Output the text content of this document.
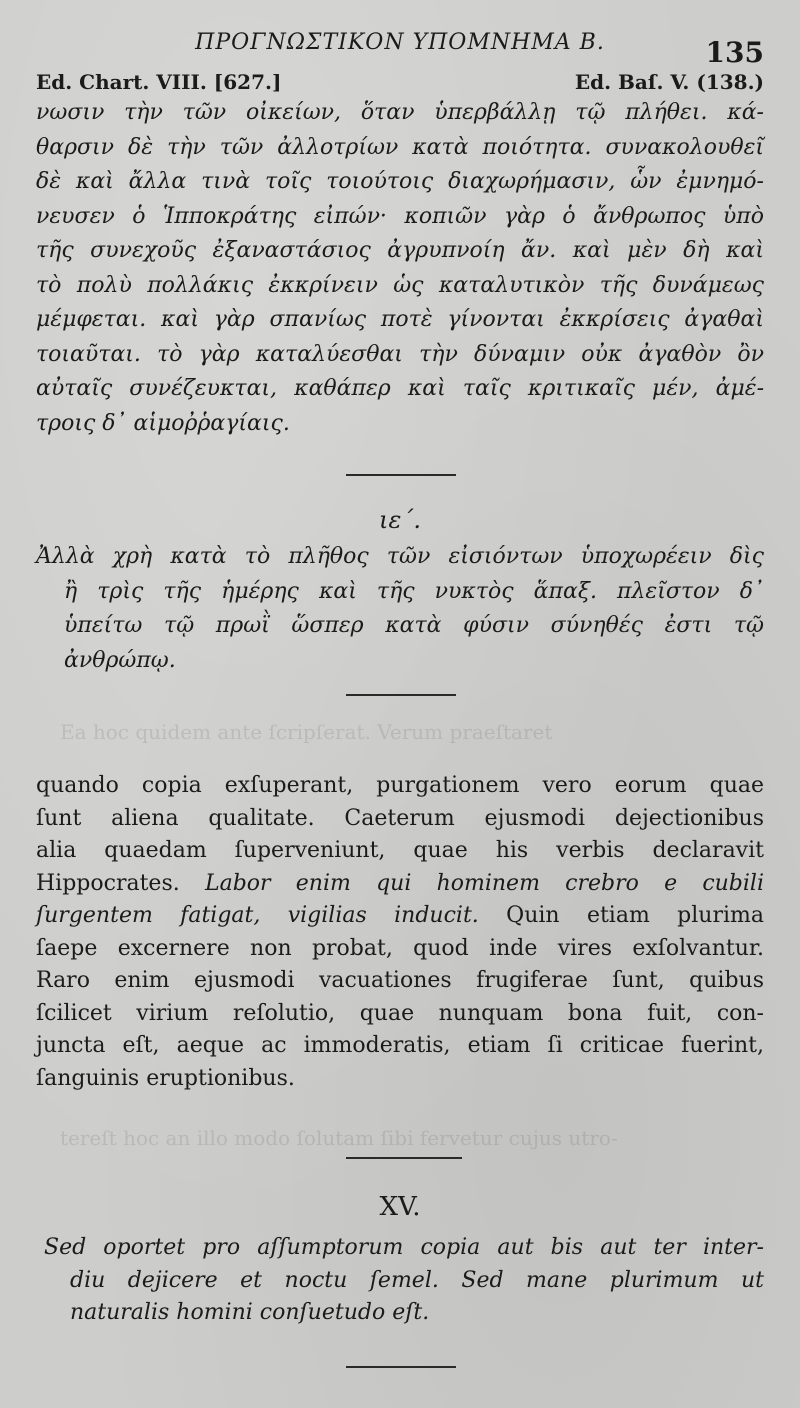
Ea hoc quidem ante ſcripſerat. Verum praeſtaret
tereſt hoc an illo modo ſolutam ſibi fervetur cujus utro-
ΠΡΟΓΝΩΣΤΙΚΟΝ ΥΠΟΜΝΗΜΑ Β.	135
Ed. Chart. VIII. [627.]	Ed. Baſ. V. (138.)
νωσιν τὴν τῶν οἰκείων, ὅταν ὑπερβάλλῃ τῷ πλήθει. κά-
θαρσιν δὲ τὴν τῶν ἀλλοτρίων κατὰ ποιότητα. συνακολουθεῖ
δὲ καὶ ἄλλα τινὰ τοῖς τοιούτοις διαχωρήμασιν, ὧν ἐμνημό-
νευσεν ὁ Ἱπποκράτης εἰπών· κοπιῶν γὰρ ὁ ἄνθρωπος ὑπὸ
τῆς συνεχοῦς ἐξαναστάσιος ἀγρυπνοίη ἄν. καὶ μὲν δὴ καὶ
τὸ πολὺ πολλάκις ἐκκρίνειν ὡς καταλυτικὸν τῆς δυνάμεως
μέμφεται. καὶ γὰρ σπανίως ποτὲ γίνονται ἐκκρίσεις ἀγαθαὶ
τοιαῦται. τὸ γὰρ καταλύεσθαι τὴν δύναμιν οὐκ ἀγαθὸν ὂν
αὐταῖς συνέζευκται, καθάπερ καὶ ταῖς κριτικαῖς μέν, ἀμέ-
τροις δ᾽ αἱμοῤῥαγίαις.
ιε΄.
Ἀλλὰ χρὴ κατὰ τὸ πλῆθος τῶν εἰσιόντων ὑποχωρέειν δὶς
ἢ τρὶς τῆς ἡμέρης καὶ τῆς νυκτὸς ἅπαξ. πλεῖστον δ᾽
ὑπείτω τῷ πρωῒ ὥσπερ κατὰ φύσιν σύνηθές ἐστι τῷ
ἀνθρώπῳ.
quando copia exſuperant, purgationem vero eorum quae
ſunt aliena qualitate. Caeterum ejusmodi dejectionibus
alia quaedam ſuperveniunt, quae his verbis declaravit
Hippocrates. Labor enim qui hominem crebro e cubili
ſurgentem fatigat, vigilias inducit. Quin etiam plurima
ſaepe excernere non probat, quod inde vires exſolvantur.
Raro enim ejusmodi vacuationes frugiferae ſunt, quibus
ſcilicet virium reſolutio, quae nunquam bona fuit, con-
juncta eſt, aeque ac immoderatis, etiam ſi criticae fuerint,
ſanguinis eruptionibus.
XV.
Sed oportet pro aſſumptorum copia aut bis aut ter inter-
diu dejicere et noctu ſemel. Sed mane plurimum ut
naturalis homini conſuetudo eſt.
